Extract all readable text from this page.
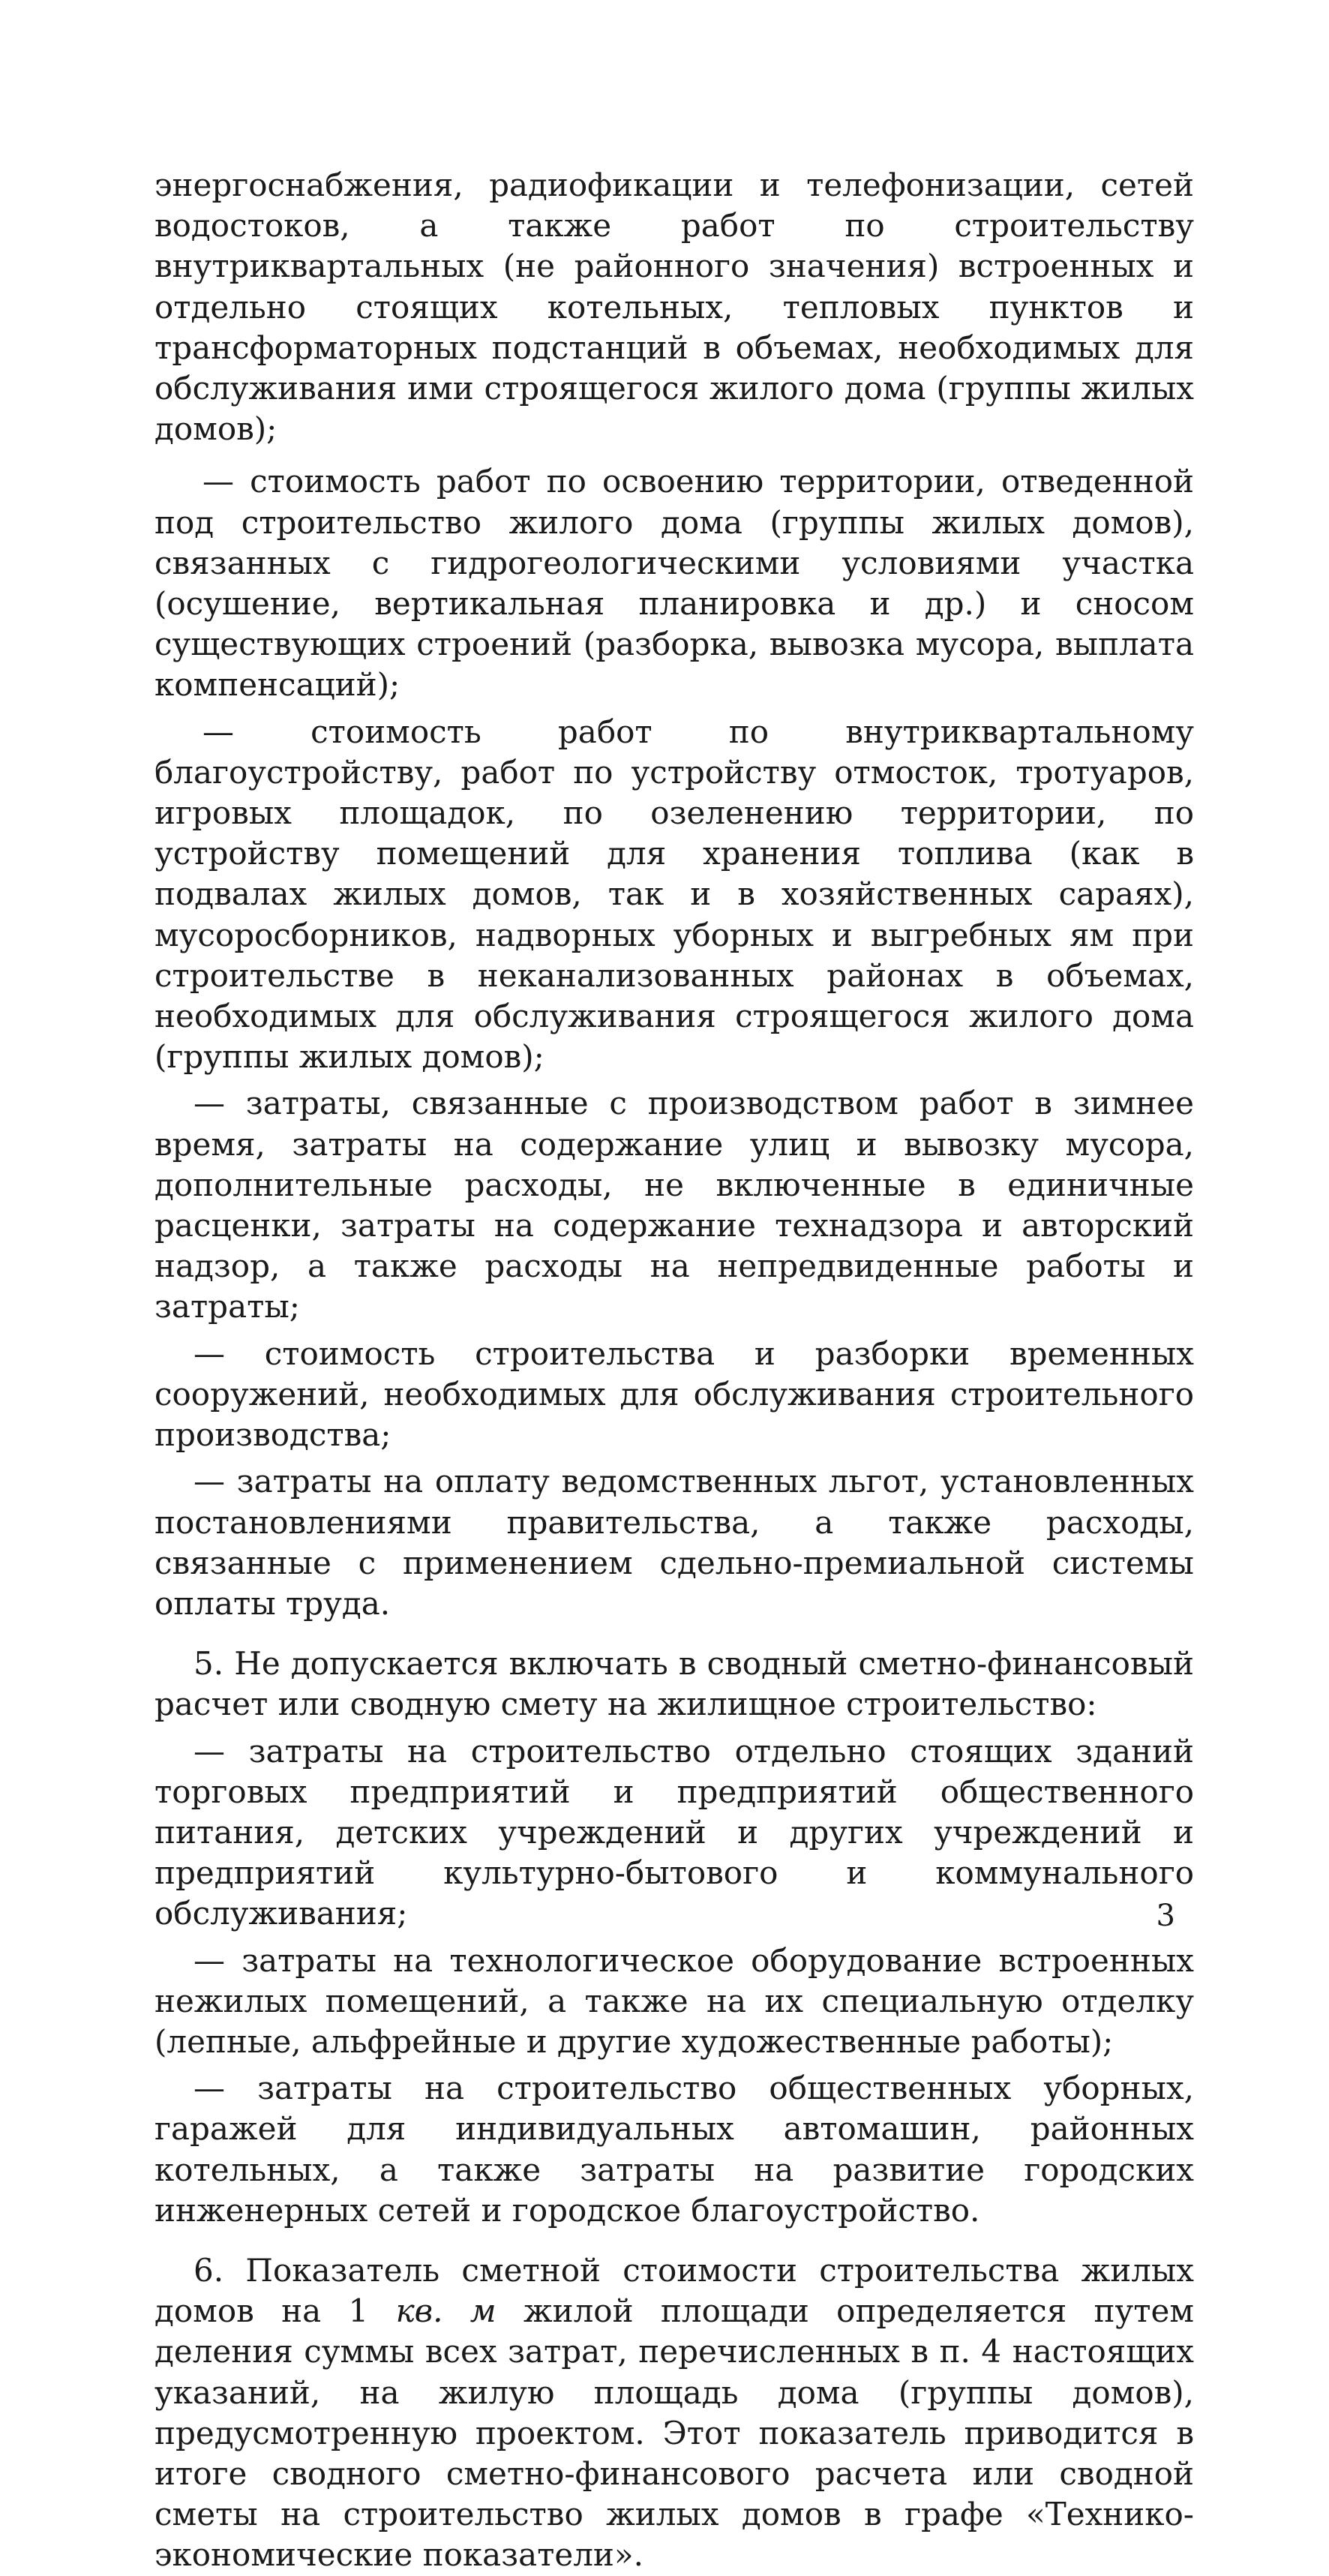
энергоснабжения, радиофикации и телефонизации, сетей водостоков, а также работ по строительству внутриквартальных (не районного значения) встроенных и отдельно стоящих котельных, тепловых пунктов и трансформаторных подстанций в объемах, необходимых для обслуживания ими строящегося жилого дома (группы жилых домов);

— стоимость работ по освоению территории, отведенной под строительство жилого дома (группы жилых домов), связанных с гидрогеологическими условиями участка (осушение, вертикальная планировка и др.) и сносом существующих строений (разборка, вывозка мусора, выплата компенсаций);

— стоимость работ по внутриквартальному благоустройству, работ по устройству отмосток, тротуаров, игровых площадок, по озеленению территории, по устройству помещений для хранения топлива (как в подвалах жилых домов, так и в хозяйственных сараях), мусоросборников, надворных уборных и выгребных ям при строительстве в неканализованных районах в объемах, необходимых для обслуживания строящегося жилого дома (группы жилых домов);

— затраты, связанные с производством работ в зимнее время, затраты на содержание улиц и вывозку мусора, дополнительные расходы, не включенные в единичные расценки, затраты на содержание технадзора и авторский надзор, а также расходы на непредвиденные работы и затраты;

— стоимость строительства и разборки временных сооружений, необходимых для обслуживания строительного производства;

— затраты на оплату ведомственных льгот, установленных постановлениями правительства, а также расходы, связанные с применением сдельно-премиальной системы оплаты труда.

5. Не допускается включать в сводный сметно-финансовый расчет или сводную смету на жилищное строительство:

— затраты на строительство отдельно стоящих зданий торговых предприятий и предприятий общественного питания, детских учреждений и других учреждений и предприятий культурно-бытового и коммунального обслуживания;

— затраты на технологическое оборудование встроенных нежилых помещений, а также на их специальную отделку (лепные, альфрейные и другие художественные работы);

— затраты на строительство общественных уборных, гаражей для индивидуальных автомашин, районных котельных, а также затраты на развитие городских инженерных сетей и городское благоустройство.

6. Показатель сметной стоимости строительства жилых домов на 1 кв. м жилой площади определяется путем деления суммы всех затрат, перечисленных в п. 4 настоящих указаний, на жилую площадь дома (группы домов), предусмотренную проектом. Этот показатель приводится в итоге сводного сметно-финансового расчета или сводной сметы на строительство жилых домов в графе «Технико-экономические показатели».

3
